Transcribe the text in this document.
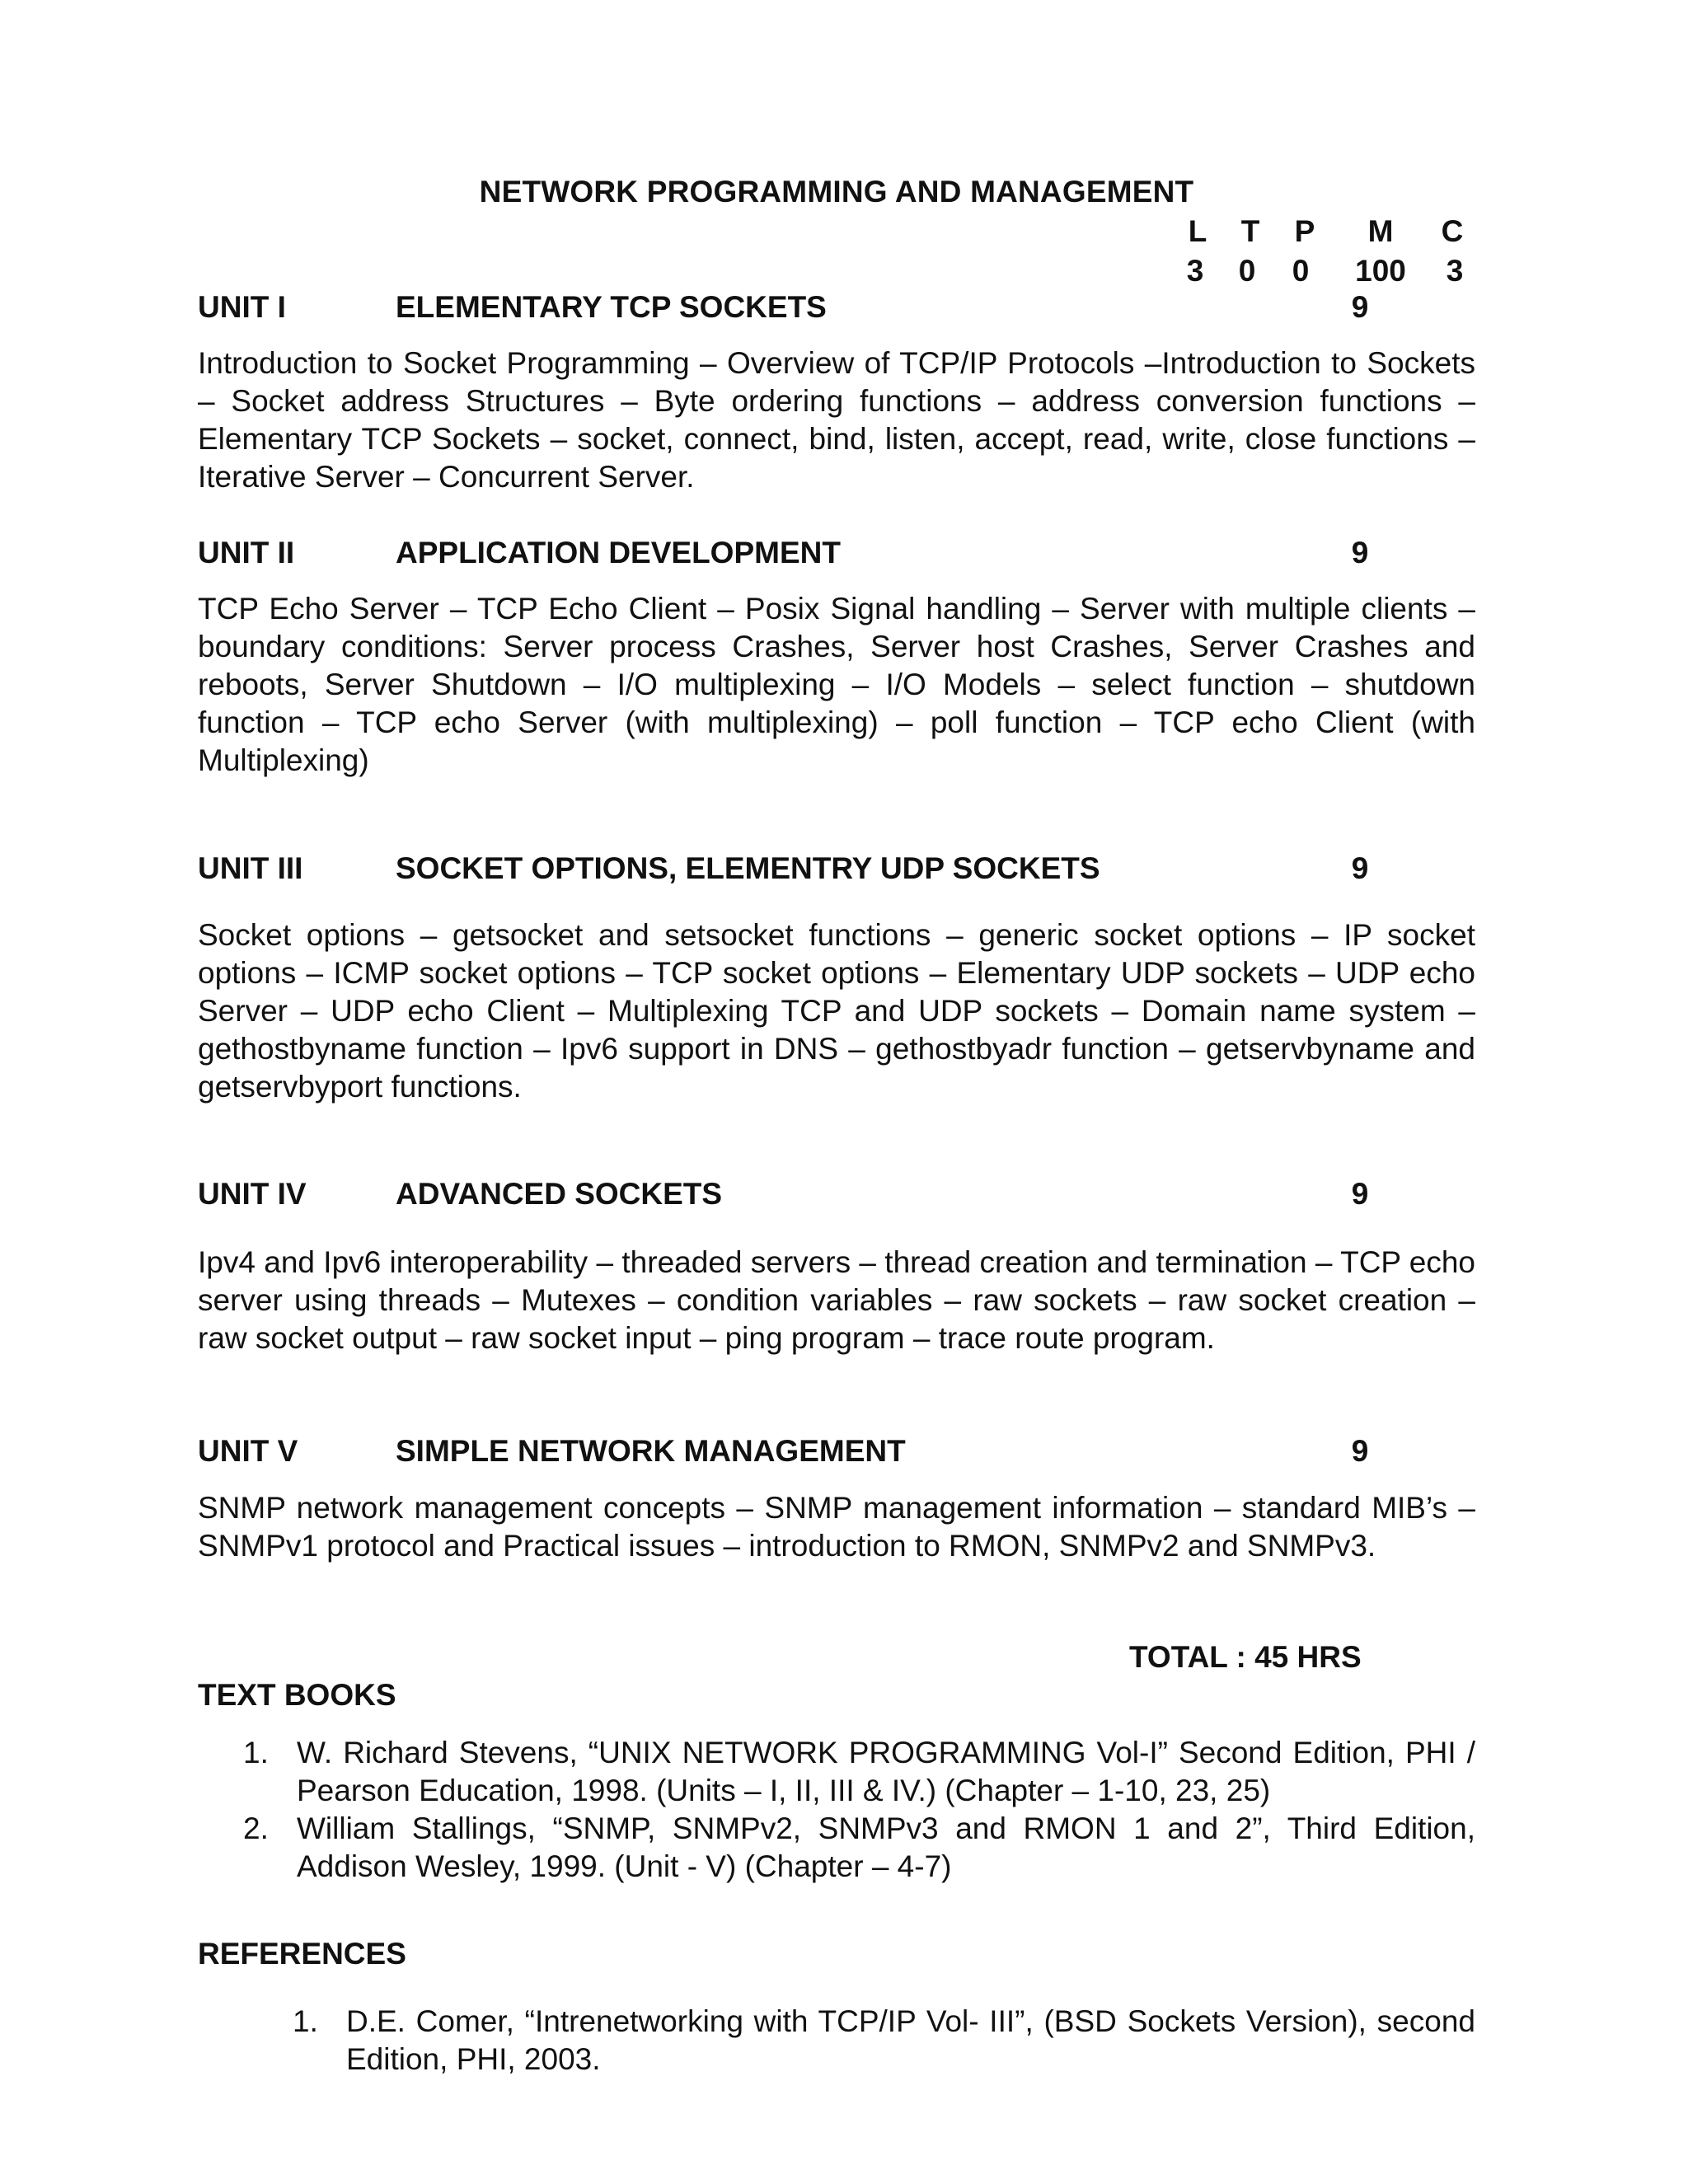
NETWORK PROGRAMMING AND MANAGEMENT
L	T	P	M	C
3	0	0	100	3
UNIT I	ELEMENTARY TCP SOCKETS	9
Introduction to Socket Programming – Overview of TCP/IP Protocols –Introduction to Sockets – Socket address Structures – Byte ordering functions – address conversion functions – Elementary TCP Sockets – socket, connect, bind, listen, accept, read, write, close functions – Iterative Server – Concurrent Server.
UNIT II	APPLICATION DEVELOPMENT	9
TCP Echo Server – TCP Echo Client – Posix Signal handling – Server with multiple clients – boundary conditions: Server process Crashes, Server host Crashes, Server Crashes and reboots, Server Shutdown – I/O multiplexing – I/O Models – select function – shutdown function – TCP echo Server (with multiplexing) – poll function – TCP echo Client (with Multiplexing)
UNIT III	SOCKET OPTIONS, ELEMENTRY UDP SOCKETS	9
Socket options – getsocket and setsocket functions – generic socket options – IP socket options – ICMP socket options – TCP socket options – Elementary UDP sockets – UDP echo Server – UDP echo Client – Multiplexing TCP and UDP sockets – Domain name system – gethostbyname function – Ipv6 support in DNS – gethostbyadr function – getservbyname and getservbyport functions.
UNIT IV	ADVANCED SOCKETS	9
Ipv4 and Ipv6 interoperability – threaded servers – thread creation and termination – TCP echo server using threads – Mutexes – condition variables – raw sockets – raw socket creation – raw socket output – raw socket input – ping program – trace route program.
UNIT V	SIMPLE NETWORK MANAGEMENT	9
SNMP network management concepts – SNMP management information – standard MIB’s – SNMPv1 protocol and Practical issues – introduction to RMON, SNMPv2 and SNMPv3.
TOTAL : 45 HRS
TEXT BOOKS
1. W. Richard Stevens, “UNIX NETWORK PROGRAMMING Vol-I” Second Edition, PHI / Pearson Education, 1998. (Units – I, II, III & IV.) (Chapter – 1-10, 23, 25)
2. William Stallings, “SNMP, SNMPv2, SNMPv3 and RMON 1 and 2”, Third Edition, Addison Wesley, 1999. (Unit - V) (Chapter – 4-7)
REFERENCES
1. D.E. Comer, “Intrenetworking with TCP/IP Vol- III”, (BSD Sockets Version), second Edition, PHI, 2003.
